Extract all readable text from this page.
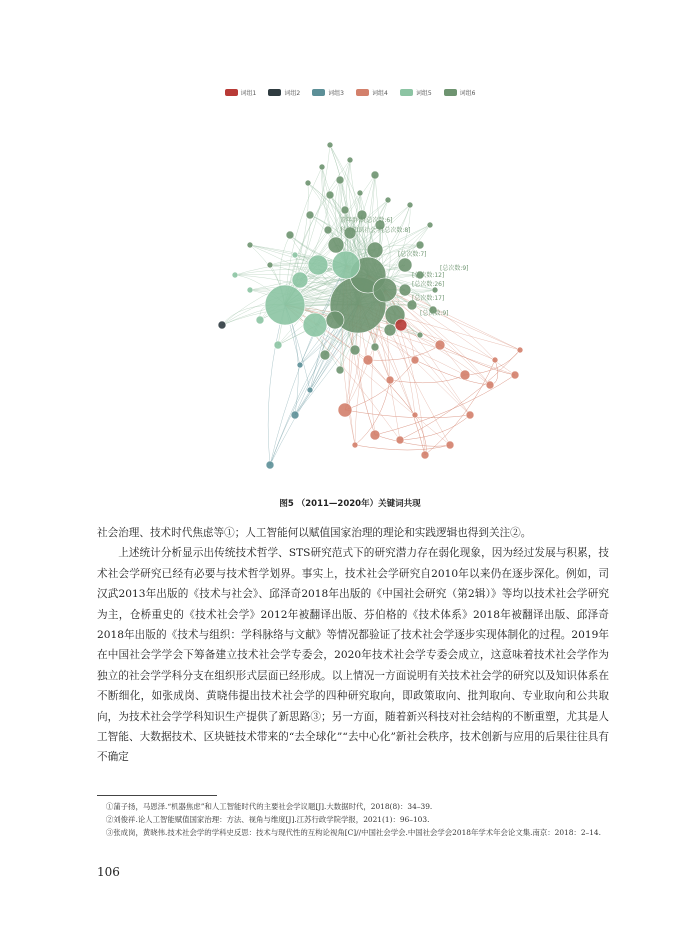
词组1	词组2	词组3	词组4	词组5	词组6
青年群体[总次数:6]
科学知识社会学[总次数:8]
[总次数:7]
[总次数:9]
[总次数:12]
[总次数:26]
[总次数:17]
[总次数:9]
图5 （2011—2020年）关键词共现

社会治理、技术时代焦虑等①；人工智能何以赋值国家治理的理论和实践逻辑也得到关注②。

上述统计分析显示出传统技术哲学、STS研究范式下的研究潜力存在弱化现象，因为经过发展与积累，技术社会学研究已经有必要与技术哲学划界。事实上，技术社会学研究自2010年以来仍在逐步深化。例如，司汉武2013年出版的《技术与社会》、邱泽奇2018年出版的《中国社会研究（第2辑）》等均以技术社会学研究为主，仓桥重史的《技术社会学》2012年被翻译出版、芬伯格的《技术体系》2018年被翻译出版、邱泽奇2018年出版的《技术与组织：学科脉络与文献》等情况都验证了技术社会学逐步实现体制化的过程。2019年在中国社会学学会下筹备建立技术社会学专委会，2020年技术社会学专委会成立，这意味着技术社会学作为独立的社会学学科分支在组织形式层面已经形成。以上情况一方面说明有关技术社会学的研究以及知识体系在不断细化，如张成岗、黄晓伟提出技术社会学的四种研究取向，即政策取向、批判取向、专业取向和公共取向，为技术社会学学科知识生产提供了新思路③；另一方面，随着新兴科技对社会结构的不断重塑，尤其是人工智能、大数据技术、区块链技术带来的“去全球化”“去中心化”新社会秩序，技术创新与应用的后果往往具有不确定

①蒲子扬，马恩泽.“机器焦虑”和人工智能时代的主要社会学议题[J].大数据时代，2018(8)：34–39.

②刘俊祥.论人工智能赋值国家治理：方法、视角与维度[J].江苏行政学院学报，2021(1)：96–103.

③张成岗，黄晓伟.技术社会学的学科史反思：技术与现代性的互构论视角[C]//中国社会学会.中国社会学会2018年学术年会论文集.南京：2018：2–14.

106
